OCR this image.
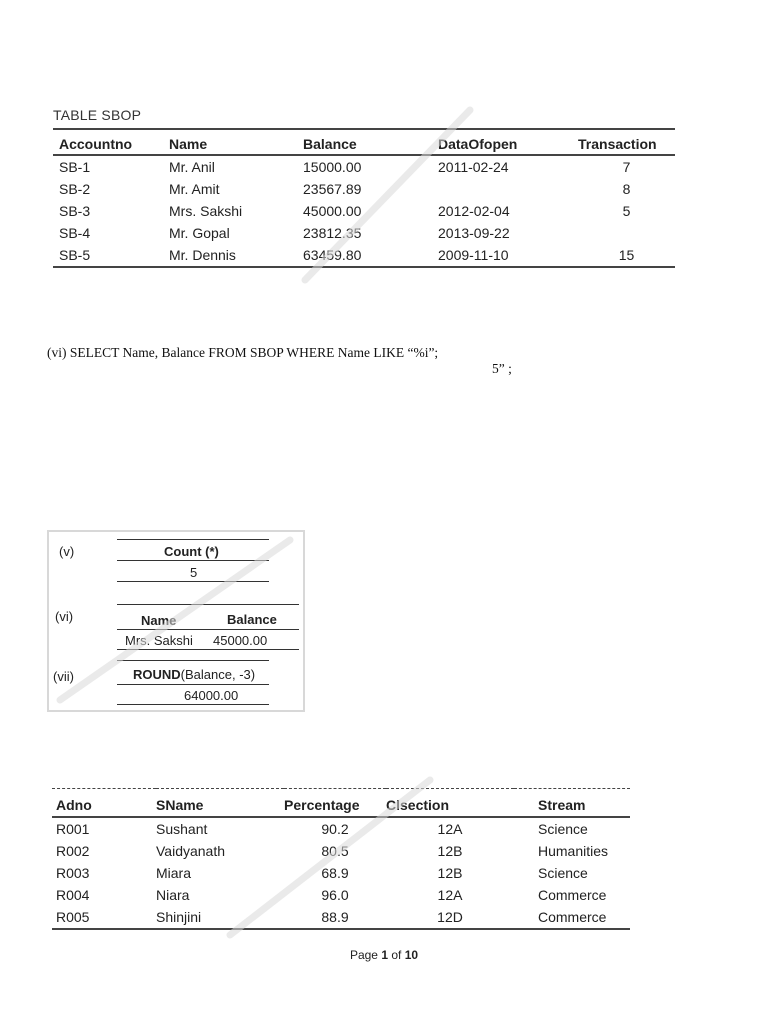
TABLE SBOP
Accountno	Name	Balance	DataOfopen	Transaction
SB-1	Mr. Anil	15000.00	2011-02-24	7
SB-2	Mr. Amit	23567.89		8
SB-3	Mrs. Sakshi	45000.00	2012-02-04	5
SB-4	Mr. Gopal	23812.35	2013-09-22	
SB-5	Mr. Dennis	63459.80	2009-11-10	15
(vi) SELECT Name, Balance FROM SBOP WHERE Name LIKE “%i”;
5” ;
(v)	Count (*)
5
(vi)	Name	Balance
Mrs. Sakshi 45000.00
(vii)	ROUND(Balance, -3)
64000.00
Adno	SName	Percentage	Clsection	Stream
R001	Sushant	90.2	12A	Science
R002	Vaidyanath	80.5	12B	Humanities
R003	Miara	68.9	12B	Science
R004	Niara	96.0	12A	Commerce
R005	Shinjini	88.9	12D	Commerce
Page 1 of 10
